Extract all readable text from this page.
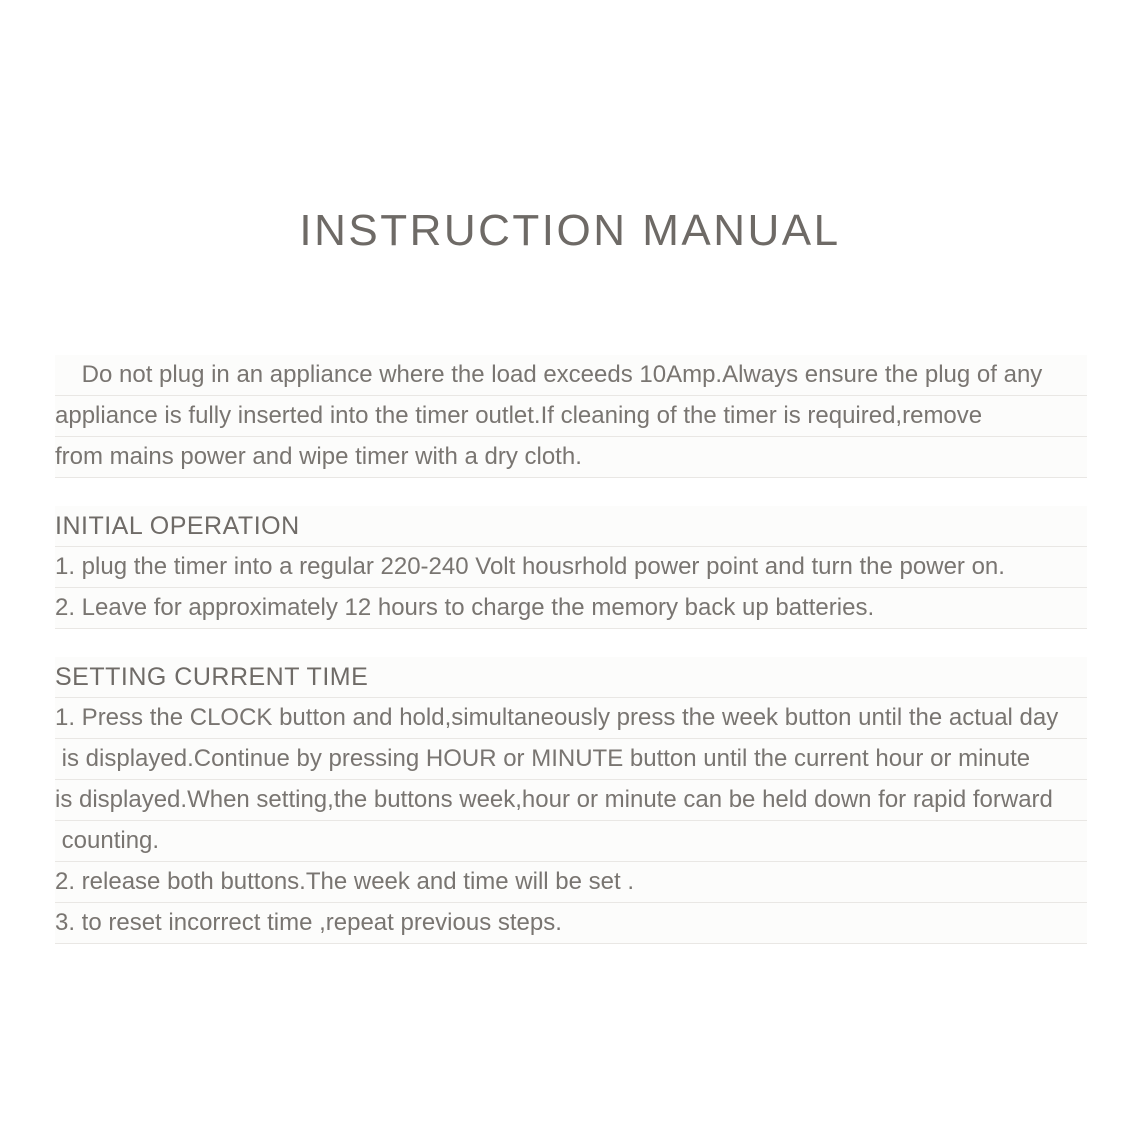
INSTRUCTION MANUAL
Do not plug in an appliance where the load exceeds 10Amp.Always ensure the plug of any
appliance is fully inserted into the timer outlet.If cleaning of the timer is required,remove
from mains power and wipe timer with a dry cloth.
INITIAL OPERATION
1. plug the timer into a regular 220-240 Volt housrhold power point and turn the power on.
2. Leave for approximately 12 hours to charge the memory back up batteries.
SETTING CURRENT TIME
1. Press the CLOCK button and hold,simultaneously press the week button until the actual day
is displayed.Continue by pressing HOUR or MINUTE button until the current hour or minute
is displayed.When setting,the buttons week,hour or minute can be held down for rapid forward
counting.
2. release both buttons.The week and time will be set .
3. to reset incorrect time ,repeat previous steps.
